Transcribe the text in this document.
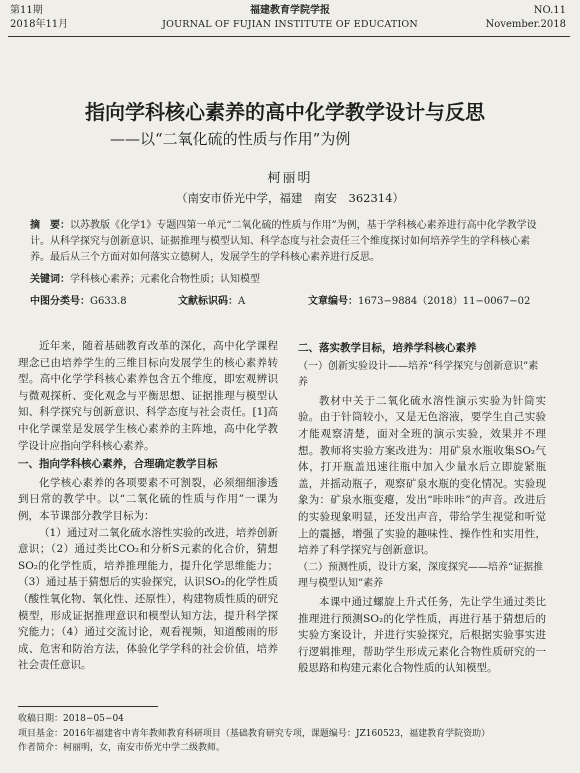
第11期
2018年11月
福建教育学院学报
JOURNAL OF FUJIAN INSTITUTE OF EDUCATION
NO.11
November.2018
指向学科核心素养的高中化学教学设计与反思
——以“二氧化硫的性质与作用”为例
柯丽明
（南安市侨光中学，福建　南安　362314）
摘　要：以苏教版《化学1》专题四第一单元“二氧化硫的性质与作用”为例，基于学科核心素养进行高中化学教学设计。从科学探究与创新意识、证据推理与模型认知、科学态度与社会责任三个维度探讨如何培养学生的学科核心素养。最后从三个方面对如何落实立德树人，发展学生的学科核心素养进行反思。
关键词：学科核心素养；元素化合物性质；认知模型
中图分类号：G633.8	文献标识码：A	文章编号：1673−9884（2018）11−0067−02

近年来，随着基础教育改革的深化，高中化学课程理念已由培养学生的三维目标向发展学生的核心素养转型。高中化学学科核心素养包含五个维度，即宏观辨识与微观探析、变化观念与平衡思想、证据推理与模型认知、科学探究与创新意识、科学态度与社会责任。[1]高中化学课堂是发展学生核心素养的主阵地，高中化学教学设计应指向学科核心素养。

一、指向学科核心素养，合理确定教学目标

化学核心素养的各项要素不可割裂，必须细细渗透到日常的教学中。以“二氧化硫的性质与作用”一课为例，本节课部分教学目标为：

（1）通过对二氧化硫水溶性实验的改进，培养创新意识；（2）通过类比CO₂和分析S元素的化合价，猜想SO₂的化学性质，培养推理能力，提升化学思维能力；（3）通过基于猜想后的实验探究，认识SO₂的化学性质（酸性氧化物、氧化性、还原性），构建物质性质的研究模型，形成证据推理意识和模型认知方法，提升科学探究能力；（4）通过交流讨论，观看视频，知道酸雨的形成、危害和防治方法，体验化学学科的社会价值，培养社会责任意识。

二、落实教学目标，培养学科核心素养
（一）创新实验设计——培养“科学探究与创新意识”素养

教材中关于二氧化硫水溶性演示实验为针筒实验。由于针筒较小，又是无色溶液，要学生自己实验才能观察清楚，面对全班的演示实验，效果并不理想。教师将实验方案改进为：用矿泉水瓶收集SO₂气体，打开瓶盖迅速往瓶中加入少量水后立即旋紧瓶盖，并摇动瓶子，观察矿泉水瓶的变化情况。实验现象为：矿泉水瓶变瘪，发出“咔咔咔”的声音。改进后的实验现象明显，还发出声音，带给学生视觉和听觉上的震撼，增强了实验的趣味性、操作性和实用性，培养了科学探究与创新意识。

（二）预测性质，设计方案，深度探究——培养“证据推理与模型认知”素养

本课中通过螺旋上升式任务，先让学生通过类比推理进行预测SO₂的化学性质，再进行基于猜想后的实验方案设计，并进行实验探究，后根据实验事实进行逻辑推理，帮助学生形成元素化合物性质研究的一般思路和构建元素化合物性质的认知模型。

收稿日期：2018−05−04
项目基金：2016年福建省中青年教师教育科研项目（基础教育研究专项，课题编号：JZ160523，福建教育学院资助）
作者简介：柯丽明，女，南安市侨光中学二级教师。
